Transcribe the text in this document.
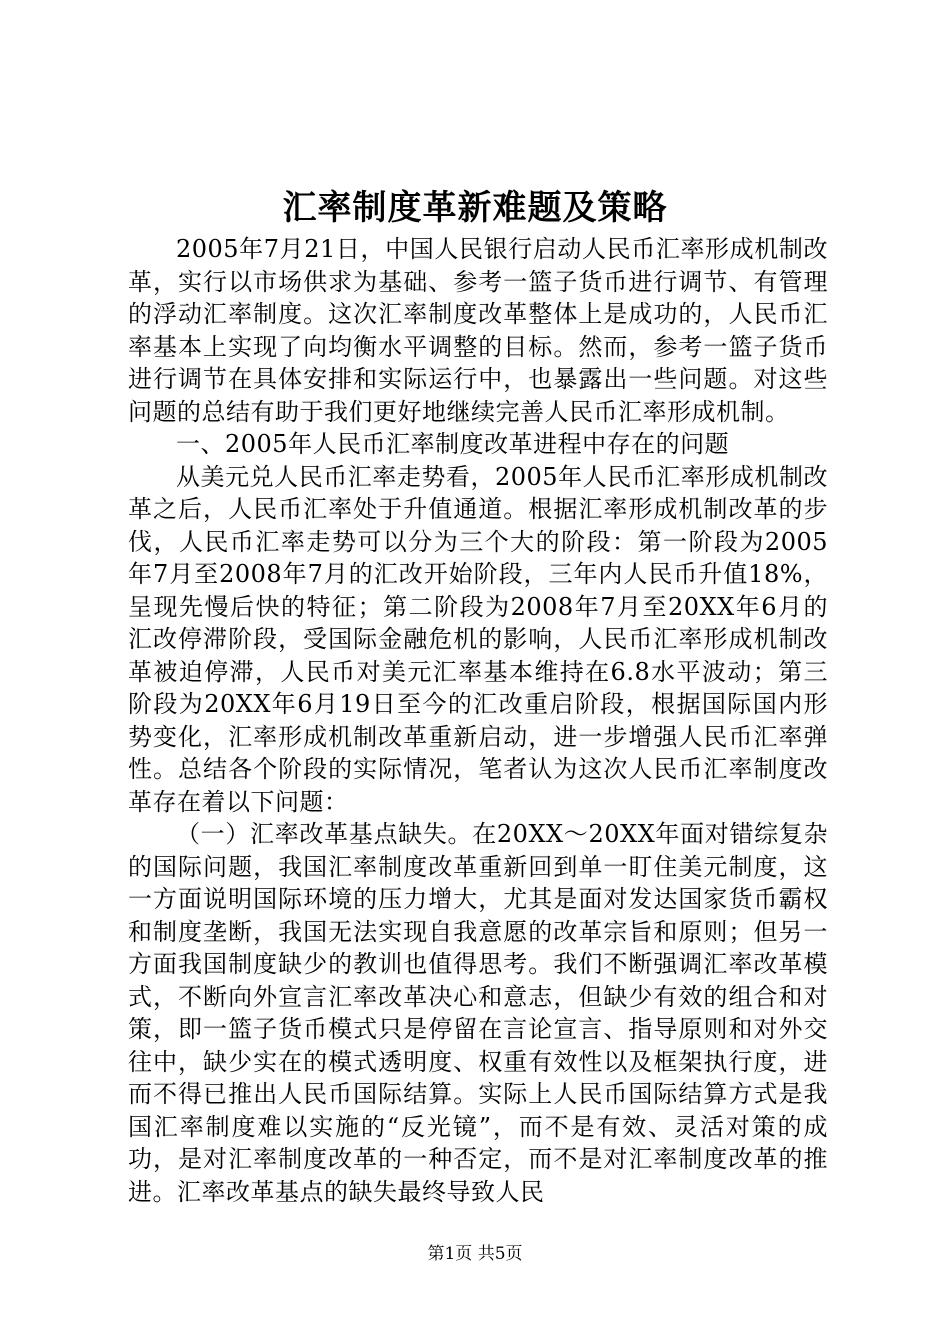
汇率制度革新难题及策略

2005年7月21日，中国人民银行启动人民币汇率形成机制改革，实行以市场供求为基础、参考一篮子货币进行调节、有管理的浮动汇率制度。这次汇率制度改革整体上是成功的，人民币汇率基本上实现了向均衡水平调整的目标。然而，参考一篮子货币进行调节在具体安排和实际运行中，也暴露出一些问题。对这些问题的总结有助于我们更好地继续完善人民币汇率形成机制。

一、2005年人民币汇率制度改革进程中存在的问题

从美元兑人民币汇率走势看，2005年人民币汇率形成机制改革之后，人民币汇率处于升值通道。根据汇率形成机制改革的步伐，人民币汇率走势可以分为三个大的阶段：第一阶段为2005年7月至2008年7月的汇改开始阶段，三年内人民币升值18%，呈现先慢后快的特征；第二阶段为2008年7月至20XX年6月的汇改停滞阶段，受国际金融危机的影响，人民币汇率形成机制改革被迫停滞，人民币对美元汇率基本维持在6.8水平波动；第三阶段为20XX年6月19日至今的汇改重启阶段，根据国际国内形势变化，汇率形成机制改革重新启动，进一步增强人民币汇率弹性。总结各个阶段的实际情况，笔者认为这次人民币汇率制度改革存在着以下问题：

（一）汇率改革基点缺失。在20XX～20XX年面对错综复杂的国际问题，我国汇率制度改革重新回到单一盯住美元制度，这一方面说明国际环境的压力增大，尤其是面对发达国家货币霸权和制度垄断，我国无法实现自我意愿的改革宗旨和原则；但另一方面我国制度缺少的教训也值得思考。我们不断强调汇率改革模式，不断向外宣言汇率改革决心和意志，但缺少有效的组合和对策，即一篮子货币模式只是停留在言论宣言、指导原则和对外交往中，缺少实在的模式透明度、权重有效性以及框架执行度，进而不得已推出人民币国际结算。实际上人民币国际结算方式是我国汇率制度难以实施的“反光镜”，而不是有效、灵活对策的成功，是对汇率制度改革的一种否定，而不是对汇率制度改革的推进。汇率改革基点的缺失最终导致人民

第1页 共5页
